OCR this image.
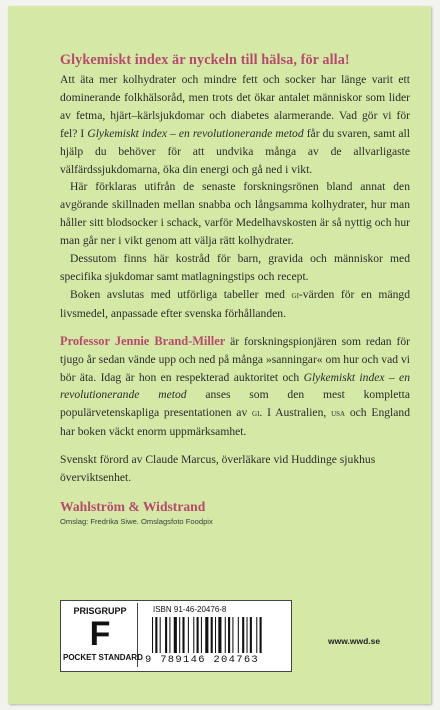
Glykemiskt index är nyckeln till hälsa, för alla!

Att äta mer kolhydrater och mindre fett och socker har länge varit ett dominerande folkhälsoråd, men trots det ökar antalet människor som lider av fetma, hjärt–kärlsjukdomar och diabetes alarmerande. Vad gör vi för fel? I Glykemiskt index – en revolutionerande metod får du svaren, samt all hjälp du behöver för att undvika många av de allvarligaste välfärdssjukdomarna, öka din energi och gå ned i vikt.

Här förklaras utifrån de senaste forskningsrönen bland annat den avgörande skillnaden mellan snabba och långsamma kolhydrater, hur man håller sitt blodsocker i schack, varför Medelhavskosten är så nyttig och hur man går ner i vikt genom att välja rätt kolhydrater.

Dessutom finns här kostråd för barn, gravida och människor med specifika sjukdomar samt matlagningstips och recept.

Boken avslutas med utförliga tabeller med gi-värden för en mängd livsmedel, anpassade efter svenska förhållanden.

Professor Jennie Brand-Miller är forskningspionjären som redan för tjugo år sedan vände upp och ned på många »sanningar« om hur och vad vi bör äta. Idag är hon en respekterad auktoritet och Glykemiskt index – en revolutionerande metod anses som den mest kompletta populärvetenskapliga presentationen av gi. I Australien, usa och England har boken väckt enorm uppmärksamhet.

Svenskt förord av Claude Marcus, överläkare vid Huddinge sjukhus överviktsenhet.

Wahlström & Widstrand
Omslag: Fredrika Siwe. Omslagsfoto Foodpix
PRISGRUPP
F
POCKET STANDARD
ISBN 91-46-20476-8
9 789146 204763
www.wwd.se
